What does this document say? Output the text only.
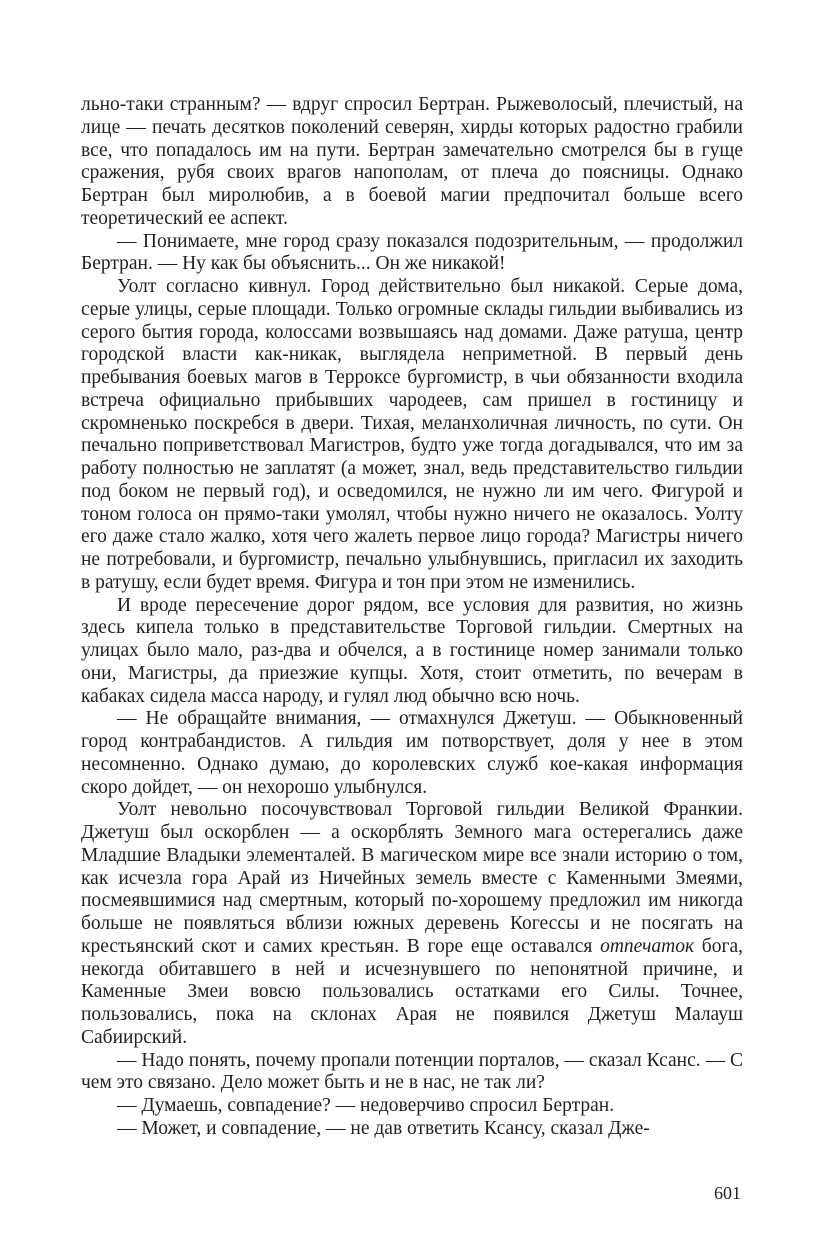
льно-таки странным? — вдруг спросил Бертран. Рыжеволосый, плечистый, на лице — печать десятков поколений северян, хирды которых радостно грабили все, что попадалось им на пути. Бертран замечательно смотрелся бы в гуще сражения, рубя своих врагов напополам, от плеча до поясницы. Однако Бертран был миролюбив, а в боевой магии предпочитал больше всего теоретический ее аспект.

— Понимаете, мне город сразу показался подозрительным, — продолжил Бертран. — Ну как бы объяснить... Он же никакой!

Уолт согласно кивнул. Город действительно был никакой. Серые дома, серые улицы, серые площади. Только огромные склады гильдии выбивались из серого бытия города, колоссами возвышаясь над домами. Даже ратуша, центр городской власти как-никак, выглядела неприметной. В первый день пребывания боевых магов в Терроксе бургомистр, в чьи обязанности входила встреча официально прибывших чародеев, сам пришел в гостиницу и скромненько поскребся в двери. Тихая, меланхоличная личность, по сути. Он печально поприветствовал Магистров, будто уже тогда догадывался, что им за работу полностью не заплатят (а может, знал, ведь представительство гильдии под боком не первый год), и осведомился, не нужно ли им чего. Фигурой и тоном голоса он прямо-таки умолял, чтобы нужно ничего не оказалось. Уолту его даже стало жалко, хотя чего жалеть первое лицо города? Магистры ничего не потребовали, и бургомистр, печально улыбнувшись, пригласил их заходить в ратушу, если будет время. Фигура и тон при этом не изменились.

И вроде пересечение дорог рядом, все условия для развития, но жизнь здесь кипела только в представительстве Торговой гильдии. Смертных на улицах было мало, раз-два и обчелся, а в гостинице номер занимали только они, Магистры, да приезжие купцы. Хотя, стоит отметить, по вечерам в кабаках сидела масса народу, и гулял люд обычно всю ночь.

— Не обращайте внимания, — отмахнулся Джетуш. — Обыкновенный город контрабандистов. А гильдия им потворствует, доля у нее в этом несомненно. Однако думаю, до королевских служб кое-какая информация скоро дойдет, — он нехорошо улыбнулся.

Уолт невольно посочувствовал Торговой гильдии Великой Франкии. Джетуш был оскорблен — а оскорблять Земного мага остерегались даже Младшие Владыки элементалей. В магическом мире все знали историю о том, как исчезла гора Арай из Ничейных земель вместе с Каменными Змеями, посмеявшимися над смертным, который по-хорошему предложил им никогда больше не появляться вблизи южных деревень Когессы и не посягать на крестьянский скот и самих крестьян. В горе еще оставался отпечаток бога, некогда обитавшего в ней и исчезнувшего по непонятной причине, и Каменные Змеи вовсю пользовались остатками его Силы. Точнее, пользовались, пока на склонах Арая не появился Джетуш Малауш Сабиирский.

— Надо понять, почему пропали потенции порталов, — сказал Ксанс. — С чем это связано. Дело может быть и не в нас, не так ли?

— Думаешь, совпадение? — недоверчиво спросил Бертран.

— Может, и совпадение, — не дав ответить Ксансу, сказал Дже-

601
